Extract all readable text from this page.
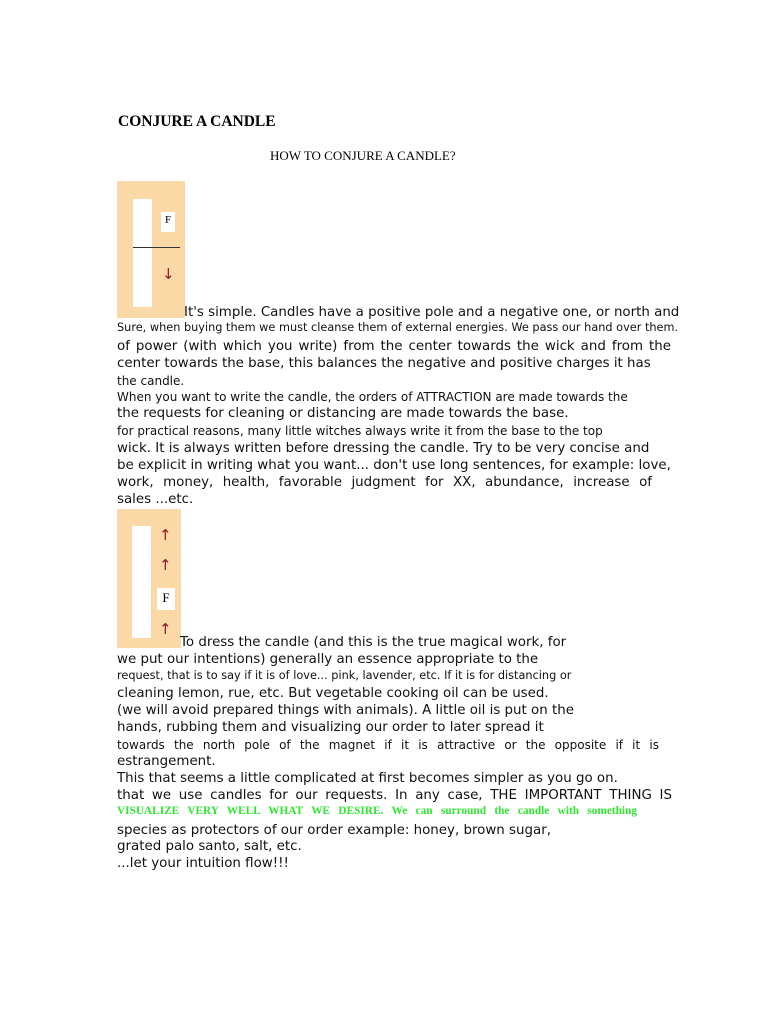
CONJURE A CANDLE
HOW TO CONJURE A CANDLE?
F
↓
It's simple. Candles have a positive pole and a negative one, or north and
Sure, when buying them we must cleanse them of external energies. We pass our hand over them.
of power (with which you write) from the center towards the wick and from the
center towards the base, this balances the negative and positive charges it has
the candle.
When you want to write the candle, the orders of ATTRACTION are made towards the
the requests for cleaning or distancing are made towards the base.
for practical reasons, many little witches always write it from the base to the top
wick. It is always written before dressing the candle. Try to be very concise and
be explicit in writing what you want... don't use long sentences, for example: love,
work, money, health, favorable judgment for XX, abundance, increase of
sales ...etc.
↑
↑
F
↑
To dress the candle (and this is the true magical work, for
we put our intentions) generally an essence appropriate to the
request, that is to say if it is of love... pink, lavender, etc. If it is for distancing or
cleaning lemon, rue, etc. But vegetable cooking oil can be used.
(we will avoid prepared things with animals). A little oil is put on the
hands, rubbing them and visualizing our order to later spread it
towards the north pole of the magnet if it is attractive or the opposite if it is
estrangement.
This that seems a little complicated at first becomes simpler as you go on.
that we use candles for our requests. In any case, THE IMPORTANT THING IS
VISUALIZE VERY WELL WHAT WE DESIRE. We can surround the candle with something
species as protectors of our order example: honey, brown sugar,
grated palo santo, salt, etc.
...let your intuition flow!!!
